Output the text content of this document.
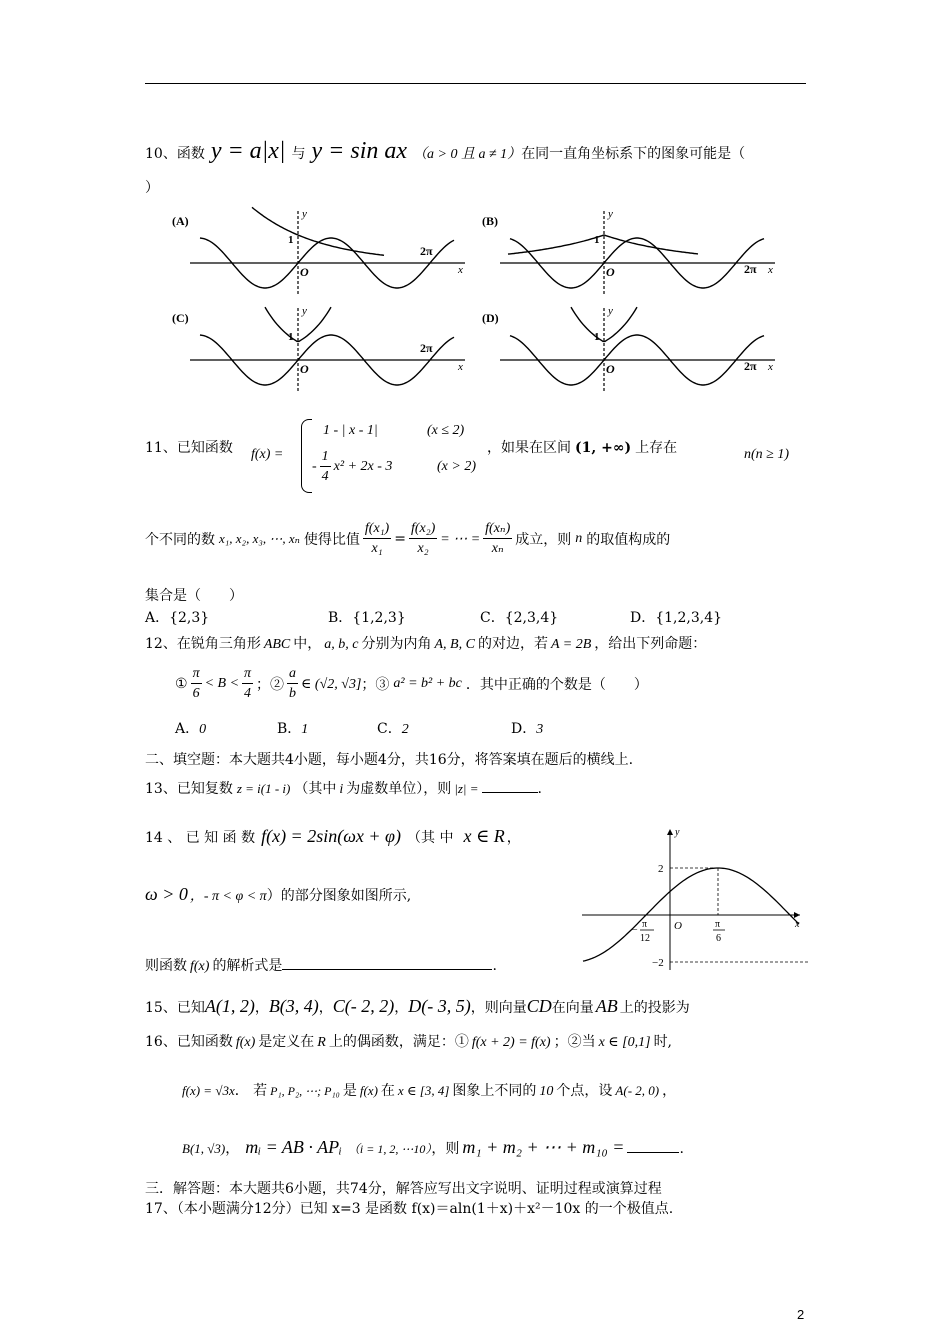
10、函数 y = a|x| 与 y = sin ax （a > 0 且 a ≠ 1）在同一直角坐标系下的图象可能是（
）
(A)	y
x
O
1
2π
(B)	y
x
O
1
2π
(C)	y
x
O
1
2π
(D)	y
x
O
1
2π
11、已知函数 f(x) =
1 - | x - 1|	(x ≤ 2)
- $\frac{1}{4} x^2 + 2x - 3$	(x > 2)
，如果在区间 (1, +∞) 上存在	n(n ≥ 1)
个不同的数 x₁, x₂, x₃, ⋯, xₙ 使得比值 $\frac{\text{f(x₁)}}{\text{x₁}} = \frac{\text{f(x₂)}}{\text{x₂}}$ = ⋯ = $\frac{\text{f(xₙ)}}{\text{xₙ}}$ 成立，则 n 的取值构成的
集合是（　　）
A．{2,3}	B．{1,2,3}	C．{2,3,4}	D．{1,2,3,4}
12、在锐角三角形 ABC 中， a, b, c 分别为内角 A, B, C 的对边，若 A = 2B ，给出下列命题：
① $\frac{\pi}{6} < B < \frac{\pi}{4}$ ；② $\frac{a}{b}$ ∈ (√2, √3] ；③ a² = b² + bc ．其中正确的个数是（　　）
A．0	B．1	C．2	D．3
二、填空题：本大题共4小题，每小题4分，共16分，将答案填在题后的横线上.
13、已知复数 z = i(1 - i) （其中 i 为虚数单位），则 |z| =	.
14 、 已 知 函 数 f(x) = 2sin(ωx + φ) （其 中 x ∈ R ，
ω > 0 ，- π < φ < π）的部分图象如图所示,
则函数 f(x) 的解析式是	.
y
x
O
2
−2
−
π
12
π
6
15、已知A(1, 2)，B(3, 4)，C(- 2, 2)，D(- 3, 5)，则向量CD在向量 AB 上的投影为
16、已知函数 f(x) 是定义在 R 上的偶函数，满足：① f(x + 2) = f(x) ；②当 x ∈ [0,1] 时,
f(x) = √3x． 若 P₁, P₂, ⋯; P₁₀ 是 f(x) 在 x ∈ [3, 4] 图象上不同的 10 个点，设 A(- 2, 0) ，
B(1, √3)， mᵢ = AB · APᵢ （i = 1, 2, ⋯10），则 m₁ + m₂ + ⋯ + m₁₀ =	.
三．解答题：本大题共6小题，共74分，解答应写出文字说明、证明过程或演算过程
17、（本小题满分12分）已知 x=3 是函数 f(x)＝aln(1＋x)＋x²－10x 的一个极值点.
2
